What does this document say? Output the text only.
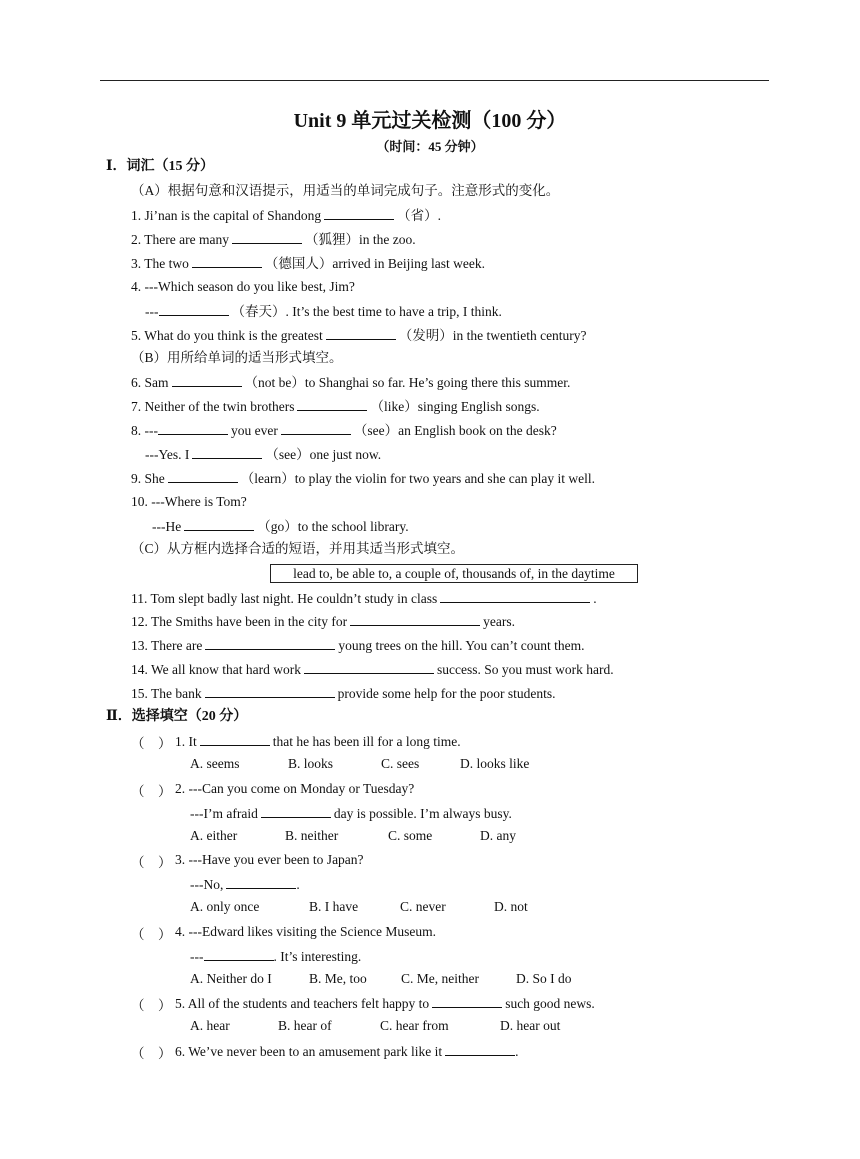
Unit 9 单元过关检测（100 分）
（时间：45 分钟）
Ⅰ．词汇（15 分）
（A）根据句意和汉语提示，用适当的单词完成句子。注意形式的变化。
1. Ji’nan is the capital of Shandong	（省）.
2. There are many	（狐狸）in the zoo.
3. The two	（德国人）arrived in Beijing last week.
4. ---Which season do you like best, Jim?
---	（春天）. It’s the best time to have a trip, I think.
5. What do you think is the greatest	（发明）in the twentieth century?
（B）用所给单词的适当形式填空。
6. Sam	（not be）to Shanghai so far. He’s going there this summer.
7. Neither of the twin brothers	（like）singing English songs.
8. ---	you ever	（see）an English book on the desk?
---Yes. I	（see）one just now.
9. She	（learn）to play the violin for two years and she can play it well.
10. ---Where is Tom?
---He	（go）to the school library.
（C）从方框内选择合适的短语，并用其适当形式填空。
lead to, be able to, a couple of, thousands of, in the daytime
11. Tom slept badly last night. He couldn’t study in class	.
12. The Smiths have been in the city for	years.
13. There are	young trees on the hill. You can’t count them.
14. We all know that hard work	success. So you must work hard.
15. The bank	provide some help for the poor students.
Ⅱ．选择填空（20 分）
（　） 1. It	that he has been ill for a long time.
A. seems	B. looks	C. sees	D. looks like
（　） 2. ---Can you come on Monday or Tuesday?
---I’m afraid	day is possible. I’m always busy.
A. either	B. neither	C. some	D. any
（　） 3. ---Have you ever been to Japan?
---No,	.
A. only once	B. I have	C. never	D. not
（　） 4. ---Edward likes visiting the Science Museum.
---	. It’s interesting.
A. Neither do I	B. Me, too	C. Me, neither	D. So I do
（　） 5. All of the students and teachers felt happy to	such good news.
A. hear	B. hear of	C. hear from	D. hear out
（　） 6. We’ve never been to an amusement park like it	.
